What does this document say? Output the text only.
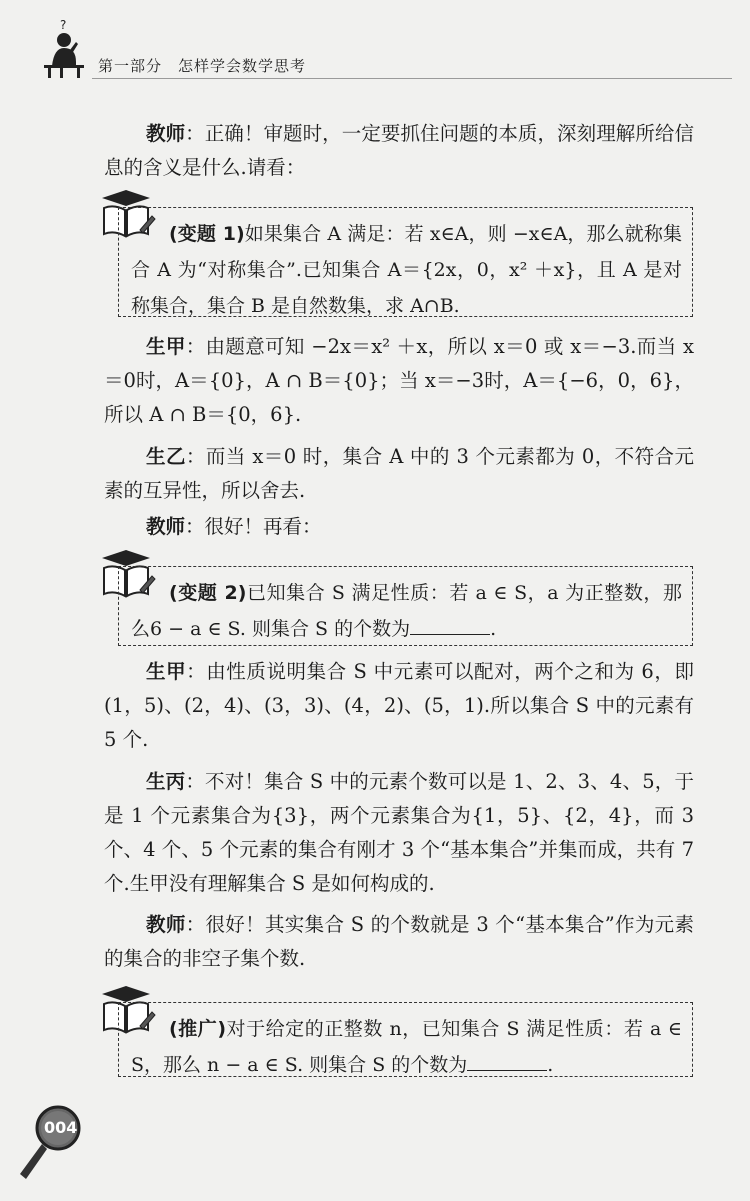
?
第一部分　怎样学会数学思考

教师：正确！审题时，一定要抓住问题的本质，深刻理解所给信息的含义是什么.请看：

(变题 1)如果集合 A 满足：若 x∈A，则 −x∈A，那么就称集合 A 为“对称集合”.已知集合 A＝{2x，0，x² ＋x}，且 A 是对称集合，集合 B 是自然数集，求 A∩B.

生甲：由题意可知 −2x＝x² ＋x，所以 x＝0 或 x＝−3.而当 x＝0时，A＝{0}，A ∩ B＝{0}；当 x＝−3时，A＝{−6，0，6}，所以 A ∩ B＝{0，6}.

生乙：而当 x＝0 时，集合 A 中的 3 个元素都为 0，不符合元素的互异性，所以舍去.

教师：很好！再看：

(变题 2)已知集合 S 满足性质：若 a ∈ S，a 为正整数，那么6 − a ∈ S. 则集合 S 的个数为	.

生甲：由性质说明集合 S 中元素可以配对，两个之和为 6，即(1，5)、(2，4)、(3，3)、(4，2)、(5，1).所以集合 S 中的元素有5 个.

生丙：不对！集合 S 中的元素个数可以是 1、2、3、4、5，于是 1 个元素集合为{3}，两个元素集合为{1，5}、{2，4}，而 3 个、4 个、5 个元素的集合有刚才 3 个“基本集合”并集而成，共有 7 个.生甲没有理解集合 S 是如何构成的.

教师：很好！其实集合 S 的个数就是 3 个“基本集合”作为元素的集合的非空子集个数.

(推广)对于给定的正整数 n，已知集合 S 满足性质：若 a ∈ S，那么 n − a ∈ S. 则集合 S 的个数为	.

004
